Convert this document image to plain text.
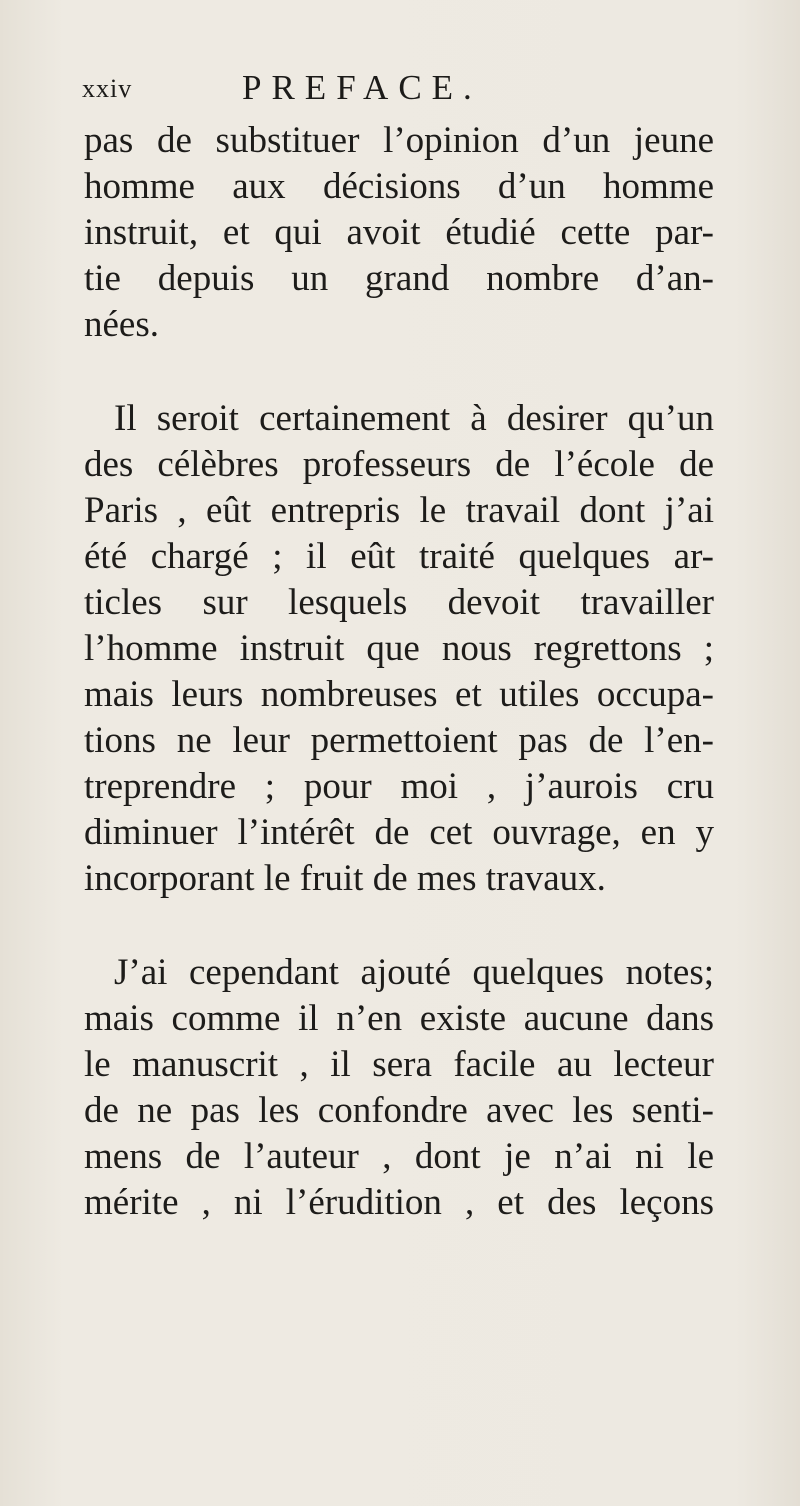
xxiv	PREFACE.

pas de substituer l’opinion d’un jeune
homme aux décisions d’un homme
instruit, et qui avoit étudié cette par-
tie depuis un grand nombre d’an-
nées.

Il seroit certainement à desirer qu’un
des célèbres professeurs de l’école de
Paris , eût entrepris le travail dont j’ai
été chargé ; il eût traité quelques ar-
ticles sur lesquels devoit travailler
l’homme instruit que nous regrettons ;
mais leurs nombreuses et utiles occupa-
tions ne leur permettoient pas de l’en-
treprendre ; pour moi , j’aurois cru
diminuer l’intérêt de cet ouvrage, en y
incorporant le fruit de mes travaux.

J’ai cependant ajouté quelques notes;
mais comme il n’en existe aucune dans
le manuscrit , il sera facile au lecteur
de ne pas les confondre avec les senti-
mens de l’auteur , dont je n’ai ni le
mérite , ni l’érudition , et des leçons
